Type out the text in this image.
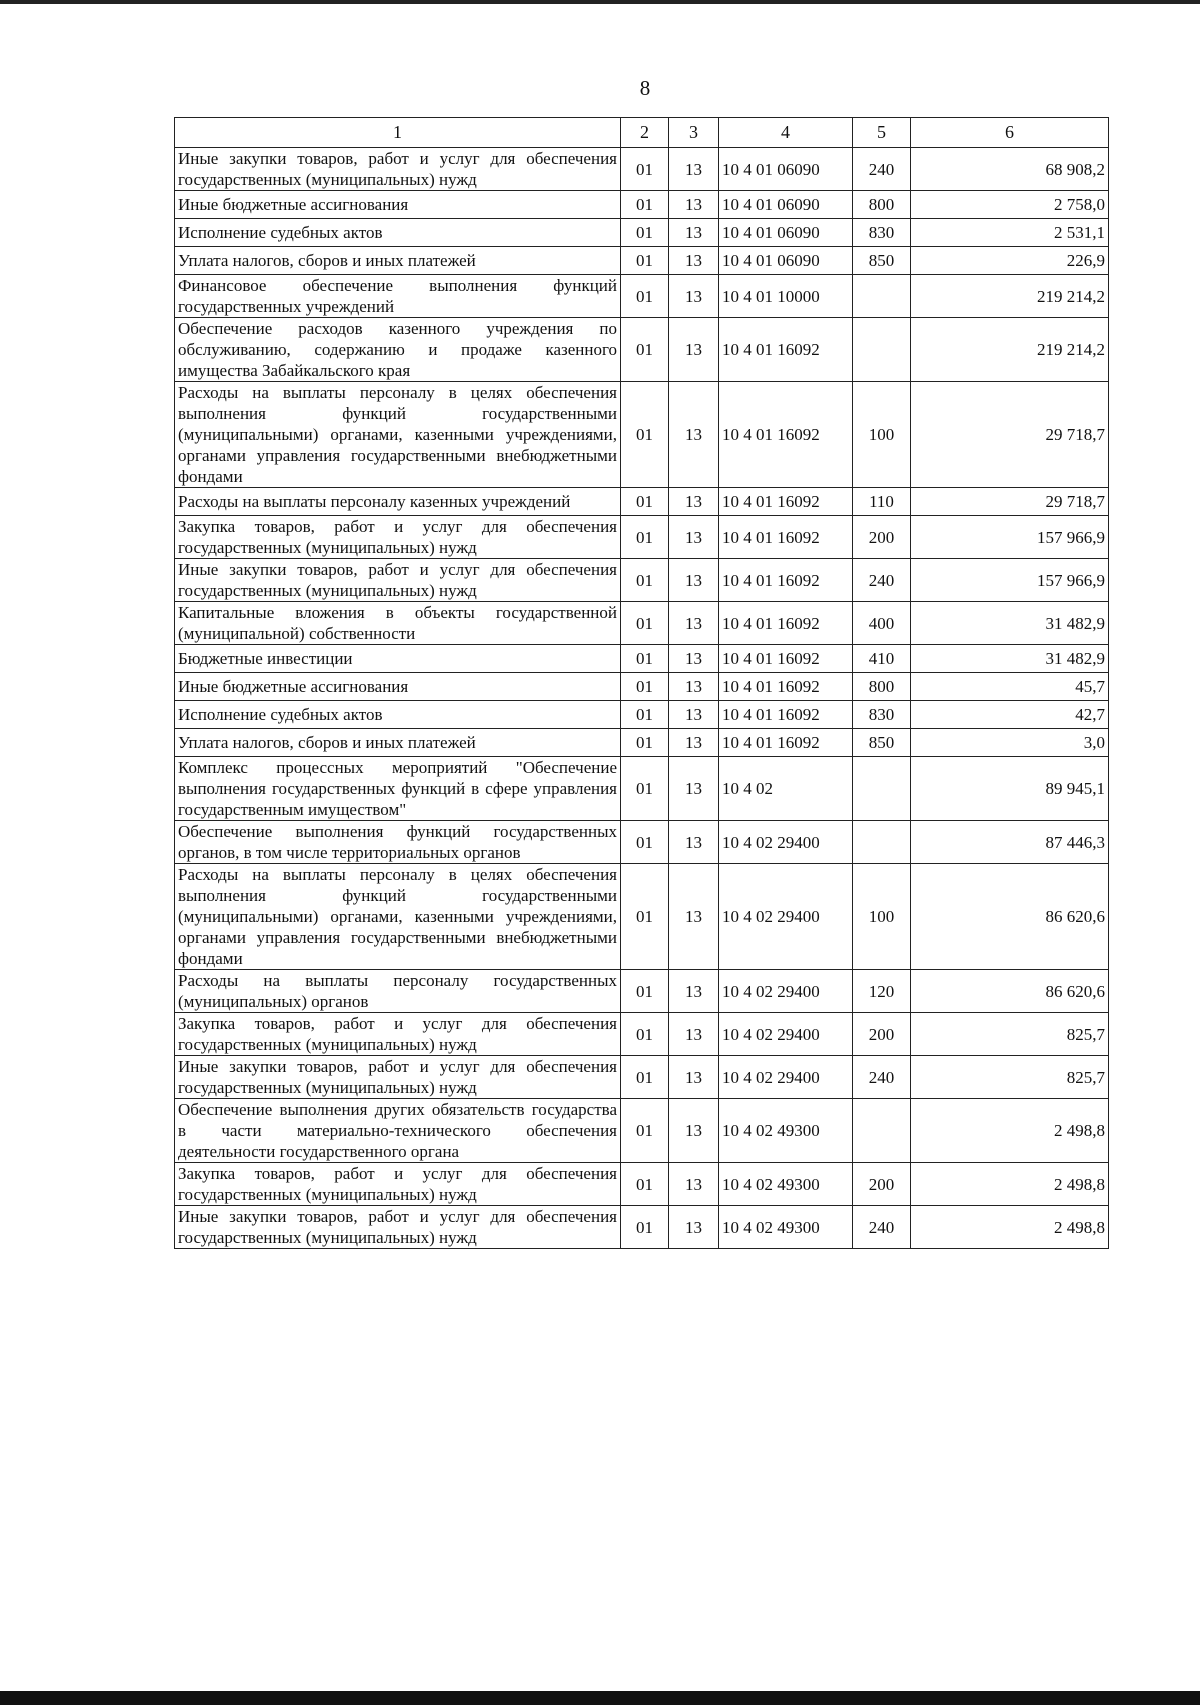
8
1	2	3	4	5	6
Иные закупки товаров, работ и услуг для обеспечения государственных (муниципальных) нужд	01	13	10 4 01 06090	240	68 908,2
Иные бюджетные ассигнования	01	13	10 4 01 06090	800	2 758,0
Исполнение судебных актов	01	13	10 4 01 06090	830	2 531,1
Уплата налогов, сборов и иных платежей	01	13	10 4 01 06090	850	226,9
Финансовое обеспечение выполнения функций государственных учреждений	01	13	10 4 01 10000		219 214,2
Обеспечение расходов казенного учреждения по обслуживанию, содержанию и продаже казенного имущества Забайкальского края	01	13	10 4 01 16092		219 214,2
Расходы на выплаты персоналу в целях обеспечения выполнения функций государственными (муниципальными) органами, казенными учреждениями, органами управления государственными внебюджетными фондами	01	13	10 4 01 16092	100	29 718,7
Расходы на выплаты персоналу казенных учреждений	01	13	10 4 01 16092	110	29 718,7
Закупка товаров, работ и услуг для обеспечения государственных (муниципальных) нужд	01	13	10 4 01 16092	200	157 966,9
Иные закупки товаров, работ и услуг для обеспечения государственных (муниципальных) нужд	01	13	10 4 01 16092	240	157 966,9
Капитальные вложения в объекты государственной (муниципальной) собственности	01	13	10 4 01 16092	400	31 482,9
Бюджетные инвестиции	01	13	10 4 01 16092	410	31 482,9
Иные бюджетные ассигнования	01	13	10 4 01 16092	800	45,7
Исполнение судебных актов	01	13	10 4 01 16092	830	42,7
Уплата налогов, сборов и иных платежей	01	13	10 4 01 16092	850	3,0
Комплекс процессных мероприятий "Обеспечение выполнения государственных функций в сфере управления государственным имуществом"	01	13	10 4 02		89 945,1
Обеспечение выполнения функций государственных органов, в том числе территориальных органов	01	13	10 4 02 29400		87 446,3
Расходы на выплаты персоналу в целях обеспечения выполнения функций государственными (муниципальными) органами, казенными учреждениями, органами управления государственными внебюджетными фондами	01	13	10 4 02 29400	100	86 620,6
Расходы на выплаты персоналу государственных (муниципальных) органов	01	13	10 4 02 29400	120	86 620,6
Закупка товаров, работ и услуг для обеспечения государственных (муниципальных) нужд	01	13	10 4 02 29400	200	825,7
Иные закупки товаров, работ и услуг для обеспечения государственных (муниципальных) нужд	01	13	10 4 02 29400	240	825,7
Обеспечение выполнения других обязательств государства в части материально-технического обеспечения деятельности государственного органа	01	13	10 4 02 49300		2 498,8
Закупка товаров, работ и услуг для обеспечения государственных (муниципальных) нужд	01	13	10 4 02 49300	200	2 498,8
Иные закупки товаров, работ и услуг для обеспечения государственных (муниципальных) нужд	01	13	10 4 02 49300	240	2 498,8
